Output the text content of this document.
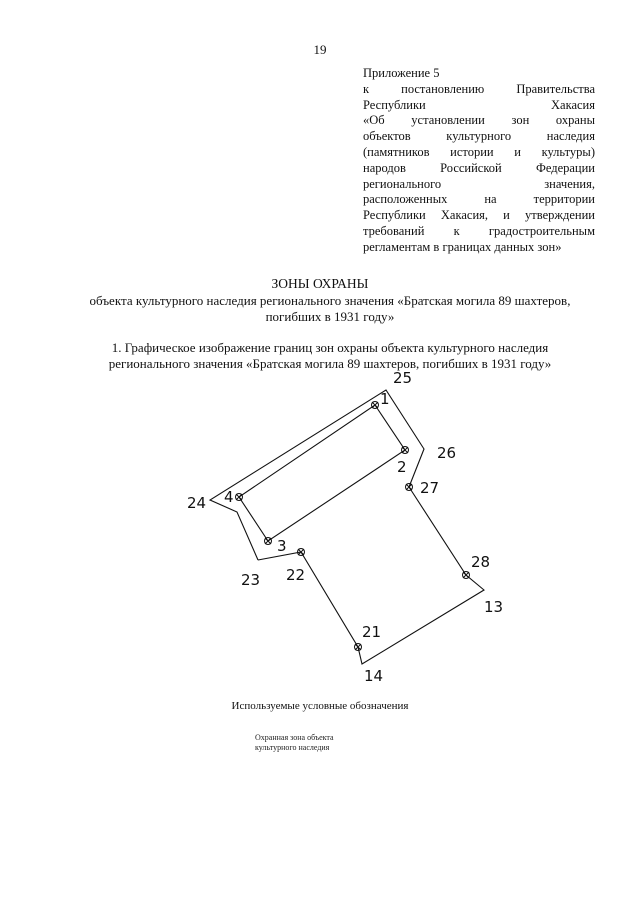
19
Приложение 5
к постановлению Правительства
Республики Хакасия
«Об установлении зон охраны
объектов культурного наследия
(памятников истории и культуры)
народов Российской Федерации
регионального значения,
расположенных на территории
Республики Хакасия, и утверждении
требований к градостроительным
регламентам в границах данных зон»
ЗОНЫ ОХРАНЫ
объекта культурного наследия регионального значения «Братская могила 89 шахтеров, погибших в 1931 году»
1. Графическое изображение границ зон охраны объекта культурного наследия регионального значения «Братская могила 89 шахтеров, погибших в 1931 году»
25
1
26
2
27
24 4
3
28
22
23
13
21
14
Используемые условные обозначения
Охранная зона объекта
культурного наследия
